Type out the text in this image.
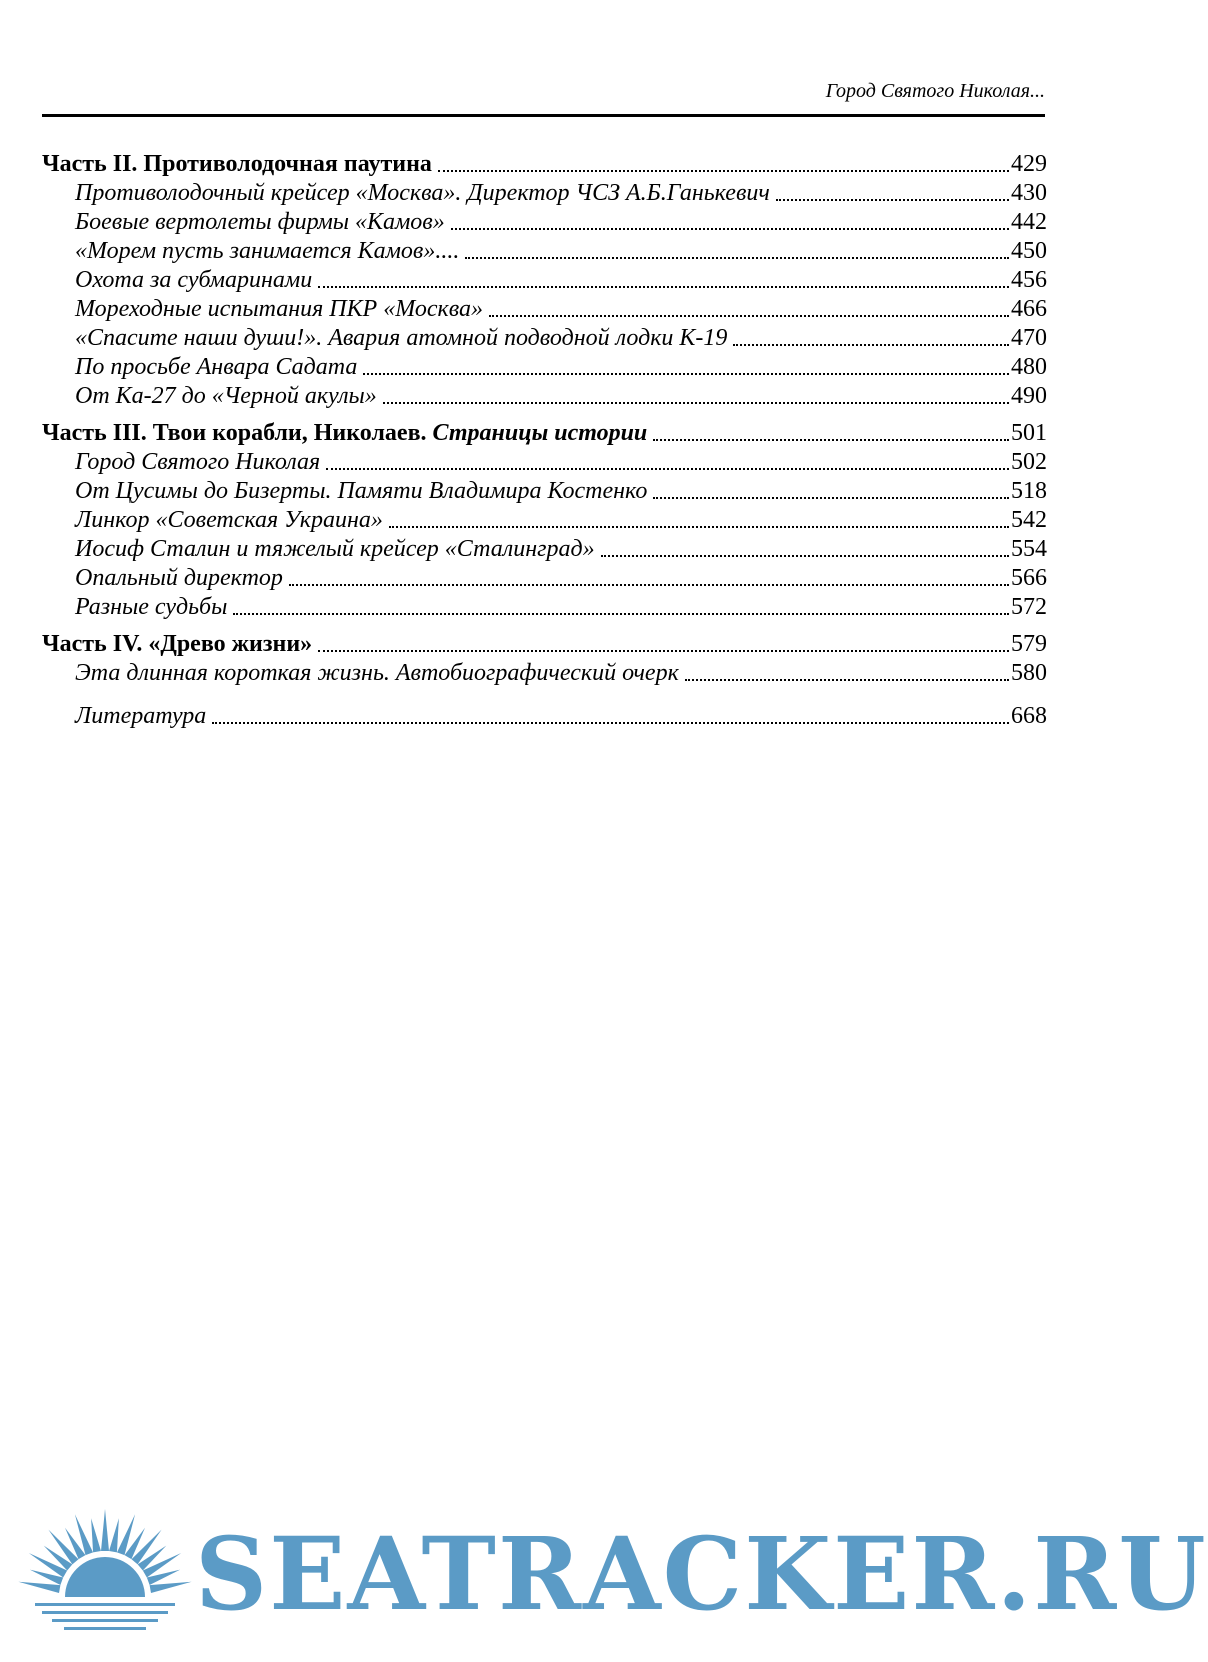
Город Святого Николая...
Часть II. Противолодочная паутина	429
Противолодочный крейсер «Москва». Директор ЧСЗ А.Б.Ганькевич	430
Боевые вертолеты фирмы «Камов»	442
«Морем пусть занимается Камов»....	450
Охота за субмаринами	456
Мореходные испытания ПКР «Москва»	466
«Спасите наши души!». Авария атомной подводной лодки К-19	470
По просьбе Анвара Садата	480
От Ка-27 до «Черной акулы»	490
Часть III. Твои корабли, Николаев. Страницы истории	501
Город Святого Николая	502
От Цусимы до Бизерты. Памяти Владимира Костенко	518
Линкор «Советская Украина»	542
Иосиф Сталин и тяжелый крейсер «Сталинград»	554
Опальный директор	566
Разные судьбы	572
Часть IV. «Древо жизни»	579
Эта длинная короткая жизнь. Автобиографический очерк	580
Литература	668
SEATRACKER.RU
